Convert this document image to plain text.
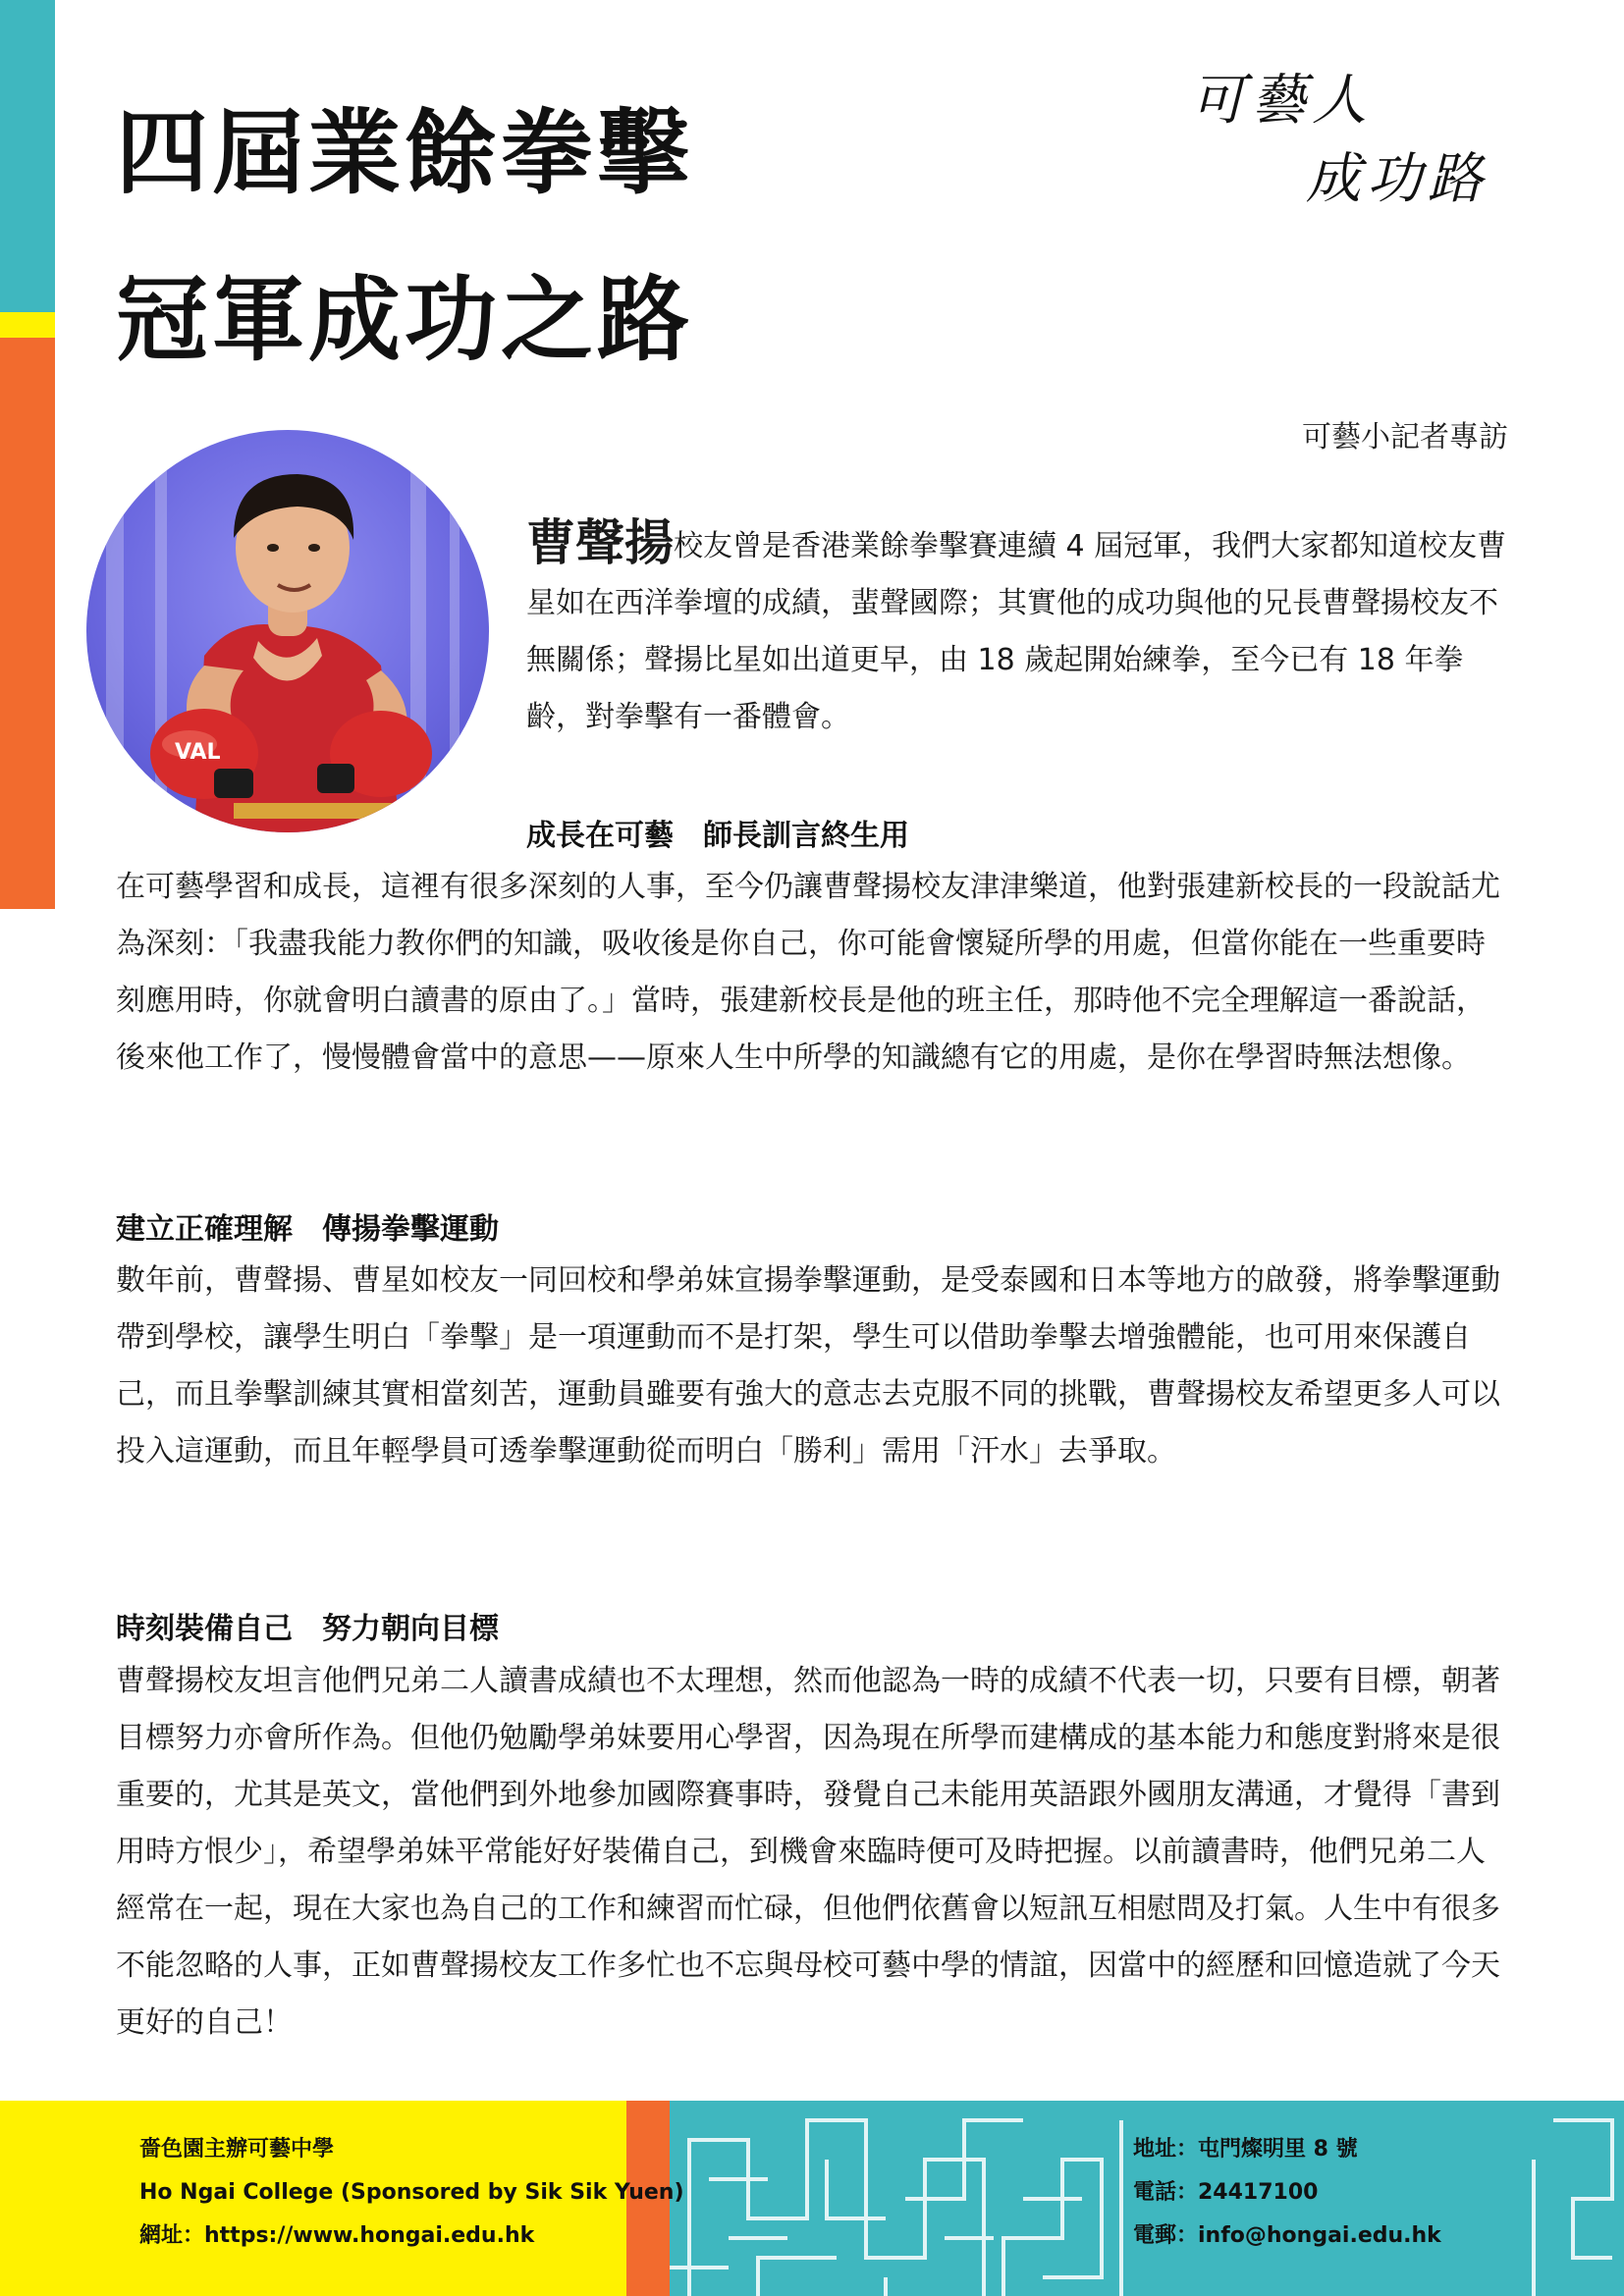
四屆業餘拳擊
冠軍成功之路
可藝人
成功路
可藝小記者專訪
VAL
曹聲揚校友曾是香港業餘拳擊賽連續 4 屆冠軍，我們大家都知道校友曹星如在西洋拳壇的成績，蜚聲國際；其實他的成功與他的兄長曹聲揚校友不無關係；聲揚比星如出道更早，由 18 歲起開始練拳，至今已有 18 年拳齡，對拳擊有一番體會。
成長在可藝　師長訓言終生用
在可藝學習和成長，這裡有很多深刻的人事，至今仍讓曹聲揚校友津津樂道，他對張建新校長的一段說話尤為深刻：「我盡我能力教你們的知識，吸收後是你自己，你可能會懷疑所學的用處，但當你能在一些重要時刻應用時，你就會明白讀書的原由了。」當時，張建新校長是他的班主任，那時他不完全理解這一番說話，後來他工作了，慢慢體會當中的意思——原來人生中所學的知識總有它的用處，是你在學習時無法想像。
建立正確理解　傳揚拳擊運動
數年前，曹聲揚、曹星如校友一同回校和學弟妹宣揚拳擊運動，是受泰國和日本等地方的啟發，將拳擊運動帶到學校，讓學生明白「拳擊」是一項運動而不是打架，學生可以借助拳擊去增強體能，也可用來保護自己，而且拳擊訓練其實相當刻苦，運動員雖要有強大的意志去克服不同的挑戰，曹聲揚校友希望更多人可以投入這運動，而且年輕學員可透拳擊運動從而明白「勝利」需用「汗水」去爭取。
時刻裝備自己　努力朝向目標
曹聲揚校友坦言他們兄弟二人讀書成績也不太理想，然而他認為一時的成績不代表一切，只要有目標，朝著目標努力亦會所作為。但他仍勉勵學弟妹要用心學習，因為現在所學而建構成的基本能力和態度對將來是很重要的，尤其是英文，當他們到外地參加國際賽事時，發覺自己未能用英語跟外國朋友溝通，才覺得「書到用時方恨少」，希望學弟妹平常能好好裝備自己，到機會來臨時便可及時把握。以前讀書時，他們兄弟二人經常在一起，現在大家也為自己的工作和練習而忙碌，但他們依舊會以短訊互相慰問及打氣。人生中有很多不能忽略的人事，正如曹聲揚校友工作多忙也不忘與母校可藝中學的情誼，因當中的經歷和回憶造就了今天更好的自己！
嗇色園主辦可藝中學
Ho Ngai College (Sponsored by Sik Sik Yuen)
網址：https://www.hongai.edu.hk
地址：屯門燦明里 8 號
電話：24417100
電郵：info@hongai.edu.hk
